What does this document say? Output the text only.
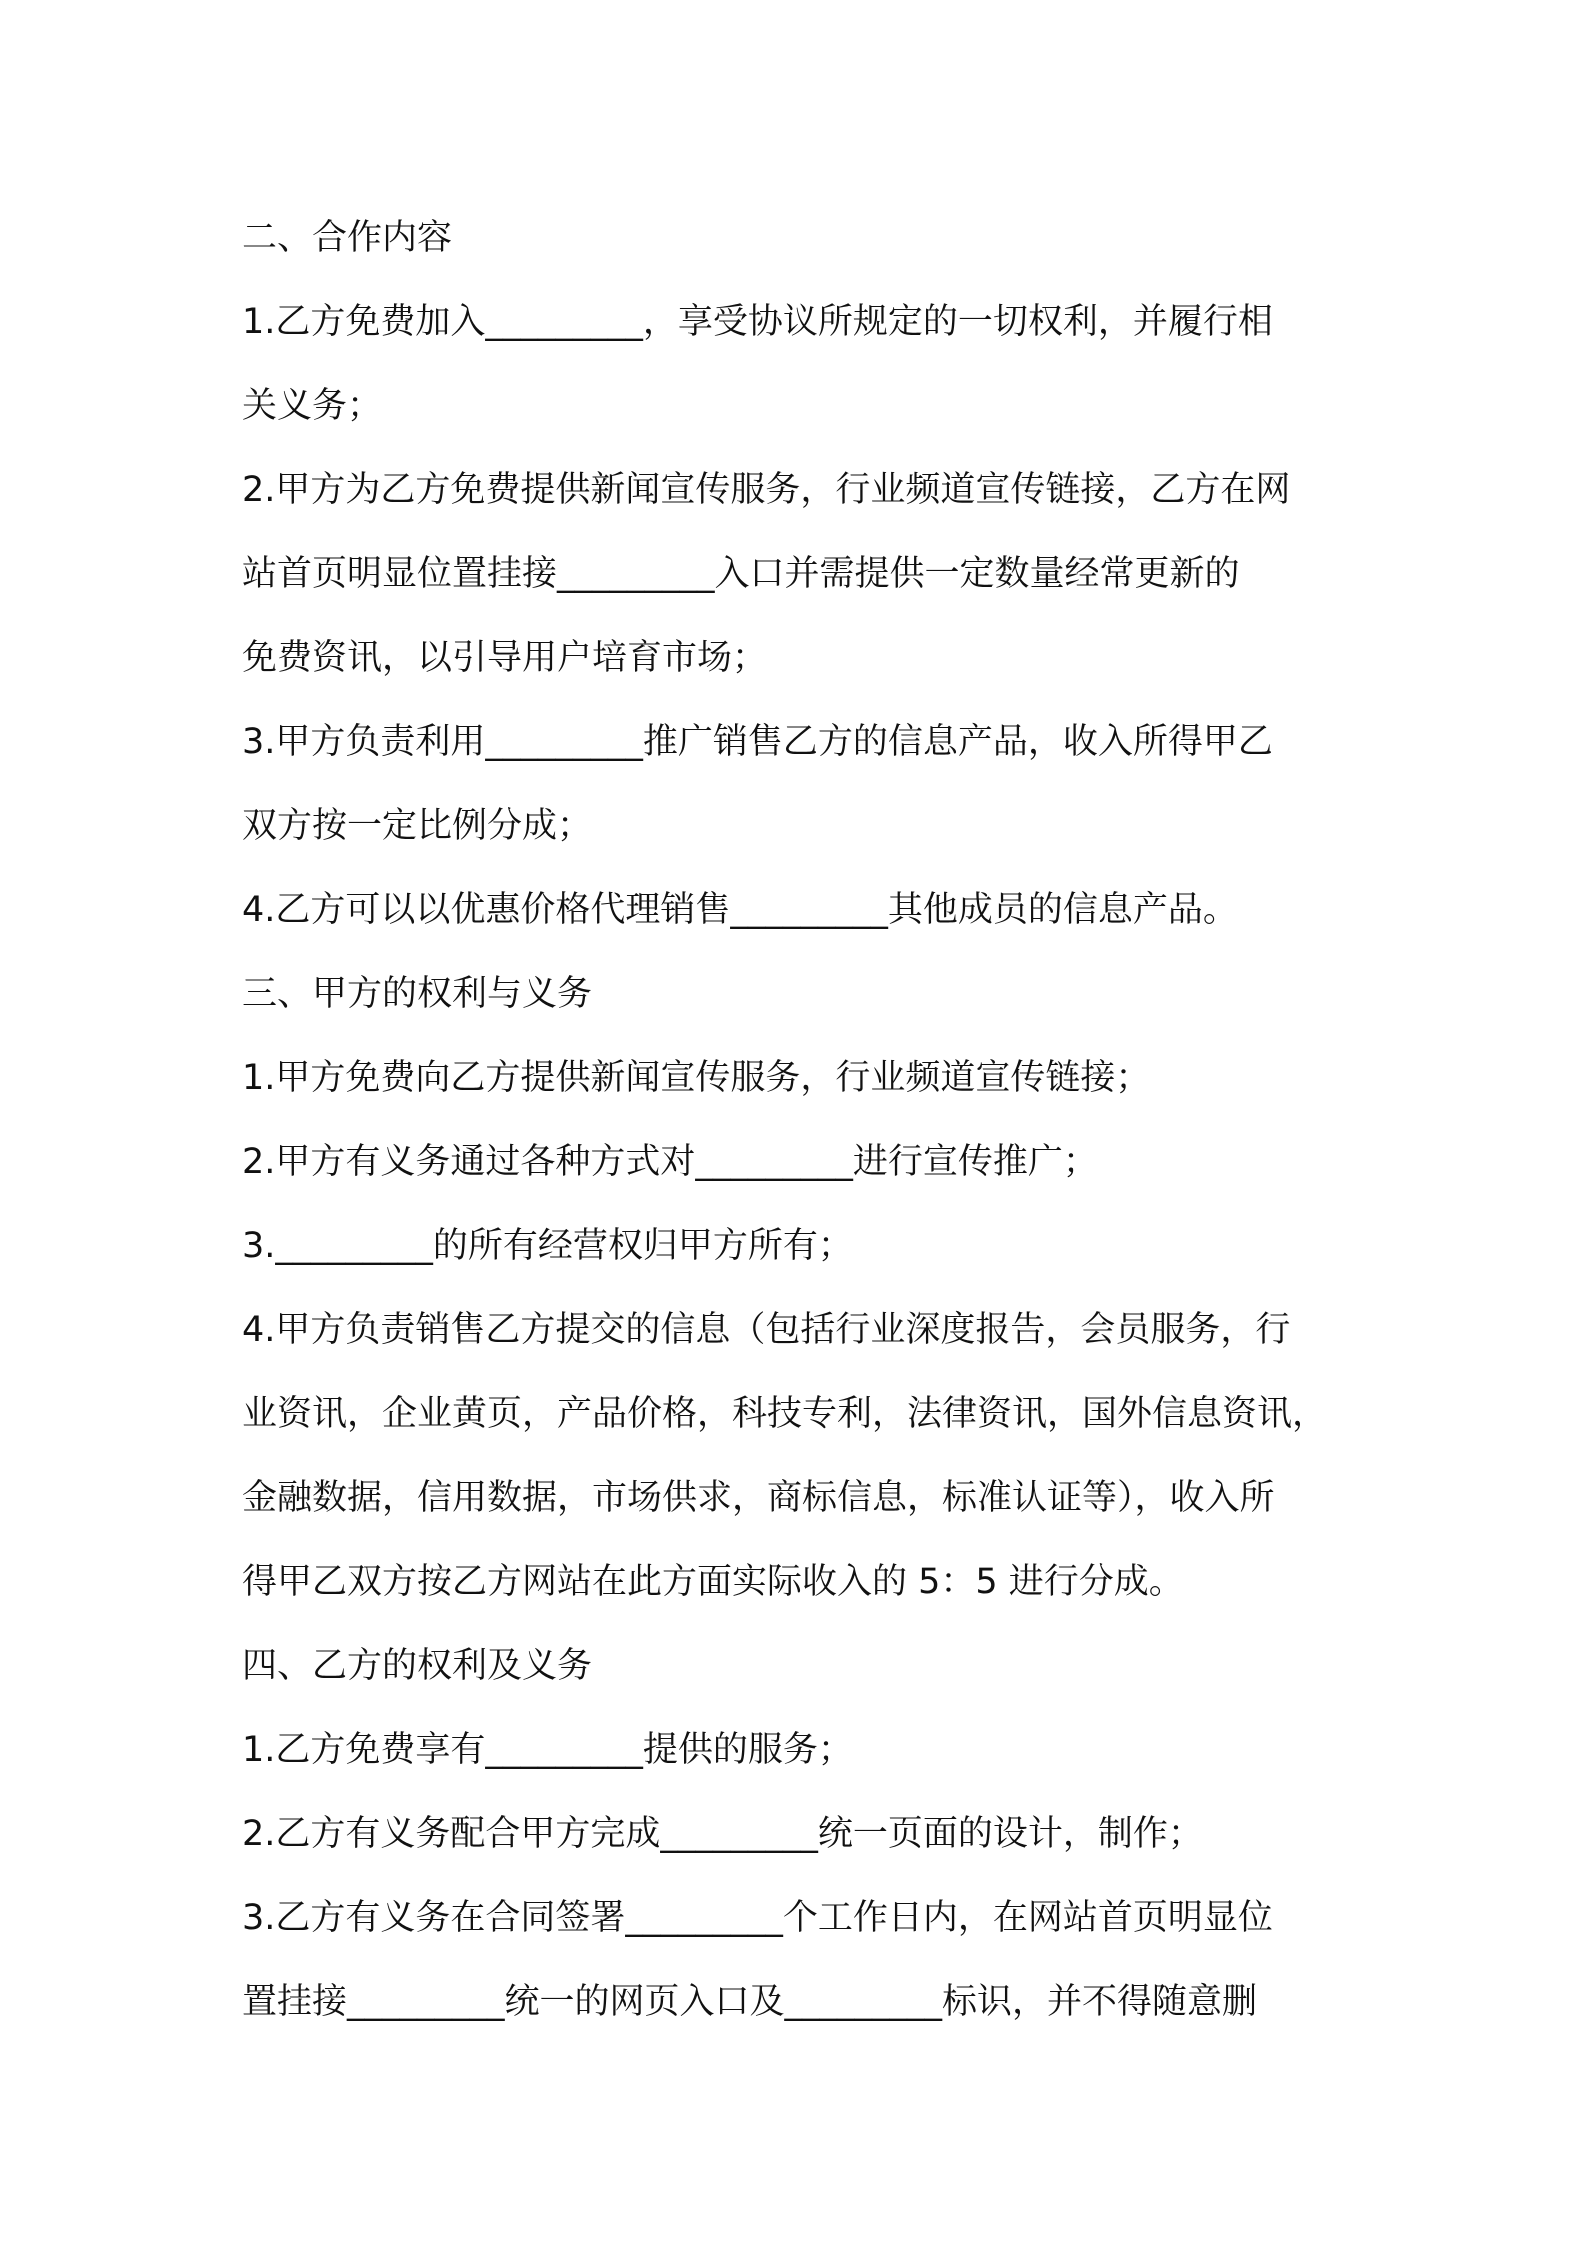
二、合作内容

1.乙方免费加入_________，享受协议所规定的一切权利，并履行相

关义务；

2.甲方为乙方免费提供新闻宣传服务，行业频道宣传链接，乙方在网

站首页明显位置挂接_________入口并需提供一定数量经常更新的

免费资讯，以引导用户培育市场；

3.甲方负责利用_________推广销售乙方的信息产品，收入所得甲乙

双方按一定比例分成；

4.乙方可以以优惠价格代理销售_________其他成员的信息产品。

三、甲方的权利与义务

1.甲方免费向乙方提供新闻宣传服务，行业频道宣传链接；

2.甲方有义务通过各种方式对_________进行宣传推广；

3._________的所有经营权归甲方所有；

4.甲方负责销售乙方提交的信息（包括行业深度报告，会员服务，行

业资讯，企业黄页，产品价格，科技专利，法律资讯，国外信息资讯，

金融数据，信用数据，市场供求，商标信息，标准认证等），收入所

得甲乙双方按乙方网站在此方面实际收入的 5：5 进行分成。

四、乙方的权利及义务

1.乙方免费享有_________提供的服务；

2.乙方有义务配合甲方完成_________统一页面的设计，制作；

3.乙方有义务在合同签署_________个工作日内，在网站首页明显位

置挂接_________统一的网页入口及_________标识，并不得随意删
